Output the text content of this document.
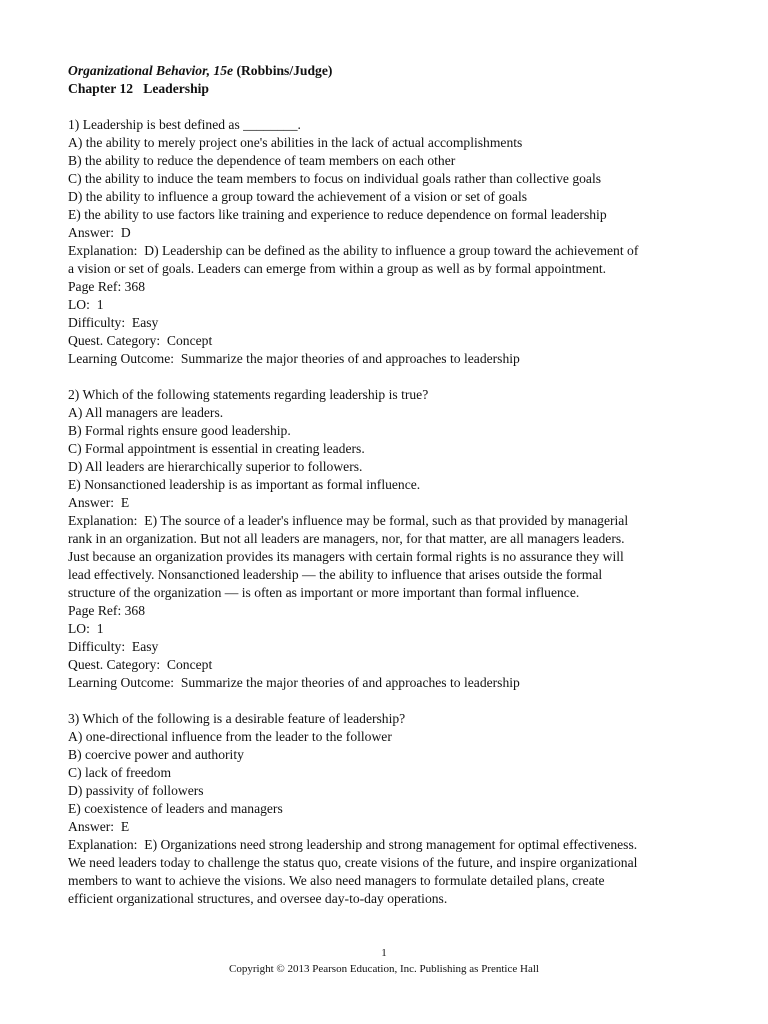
Organizational Behavior, 15e (Robbins/Judge)
Chapter 12   Leadership
1) Leadership is best defined as ________.
A) the ability to merely project one's abilities in the lack of actual accomplishments
B) the ability to reduce the dependence of team members on each other
C) the ability to induce the team members to focus on individual goals rather than collective goals
D) the ability to influence a group toward the achievement of a vision or set of goals
E) the ability to use factors like training and experience to reduce dependence on formal leadership
Answer:  D
Explanation:  D) Leadership can be defined as the ability to influence a group toward the achievement of
a vision or set of goals. Leaders can emerge from within a group as well as by formal appointment.
Page Ref: 368
LO:  1
Difficulty:  Easy
Quest. Category:  Concept
Learning Outcome:  Summarize the major theories of and approaches to leadership
2) Which of the following statements regarding leadership is true?
A) All managers are leaders.
B) Formal rights ensure good leadership.
C) Formal appointment is essential in creating leaders.
D) All leaders are hierarchically superior to followers.
E) Nonsanctioned leadership is as important as formal influence.
Answer:  E
Explanation:  E) The source of a leader's influence may be formal, such as that provided by managerial
rank in an organization. But not all leaders are managers, nor, for that matter, are all managers leaders.
Just because an organization provides its managers with certain formal rights is no assurance they will
lead effectively. Nonsanctioned leadership — the ability to influence that arises outside the formal
structure of the organization — is often as important or more important than formal influence.
Page Ref: 368
LO:  1
Difficulty:  Easy
Quest. Category:  Concept
Learning Outcome:  Summarize the major theories of and approaches to leadership
3) Which of the following is a desirable feature of leadership?
A) one-directional influence from the leader to the follower
B) coercive power and authority
C) lack of freedom
D) passivity of followers
E) coexistence of leaders and managers
Answer:  E
Explanation:  E) Organizations need strong leadership and strong management for optimal effectiveness.
We need leaders today to challenge the status quo, create visions of the future, and inspire organizational
members to want to achieve the visions. We also need managers to formulate detailed plans, create
efficient organizational structures, and oversee day-to-day operations.
1
Copyright © 2013 Pearson Education, Inc. Publishing as Prentice Hall
